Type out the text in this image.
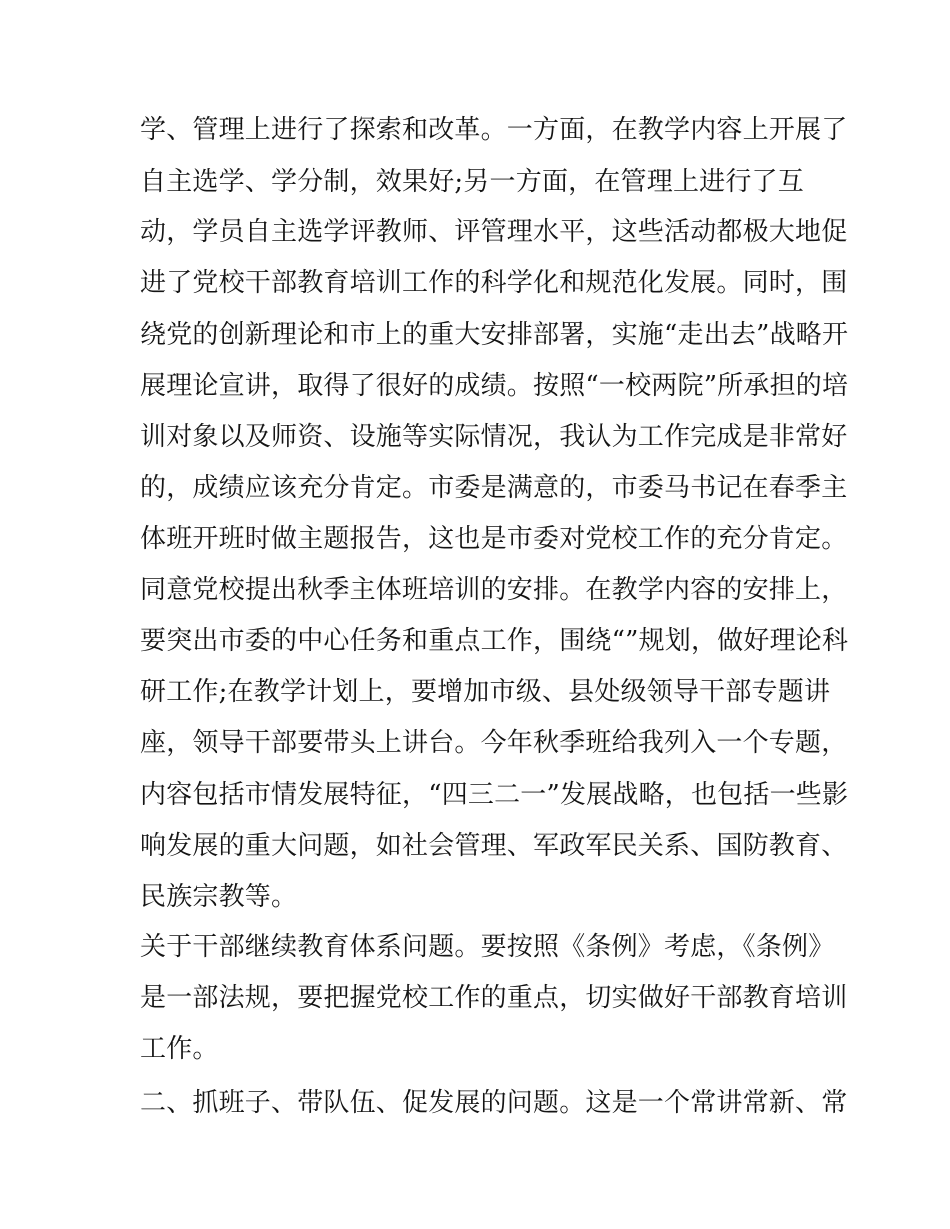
学、管理上进行了探索和改革。一方面，在教学内容上开展了
自主选学、学分制，效果好;另一方面，在管理上进行了互
动，学员自主选学评教师、评管理水平，这些活动都极大地促
进了党校干部教育培训工作的科学化和规范化发展。同时，围
绕党的创新理论和市上的重大安排部署，实施“走出去”战略开
展理论宣讲，取得了很好的成绩。按照“一校两院”所承担的培
训对象以及师资、设施等实际情况，我认为工作完成是非常好
的，成绩应该充分肯定。市委是满意的，市委马书记在春季主
体班开班时做主题报告，这也是市委对党校工作的充分肯定。
同意党校提出秋季主体班培训的安排。在教学内容的安排上，
要突出市委的中心任务和重点工作，围绕“”规划，做好理论科
研工作;在教学计划上，要增加市级、县处级领导干部专题讲
座，领导干部要带头上讲台。今年秋季班给我列入一个专题，
内容包括市情发展特征，“四三二一”发展战略，也包括一些影
响发展的重大问题，如社会管理、军政军民关系、国防教育、
民族宗教等。
关于干部继续教育体系问题。要按照《条例》考虑，《条例》
是一部法规，要把握党校工作的重点，切实做好干部教育培训
工作。
二、抓班子、带队伍、促发展的问题。这是一个常讲常新、常
